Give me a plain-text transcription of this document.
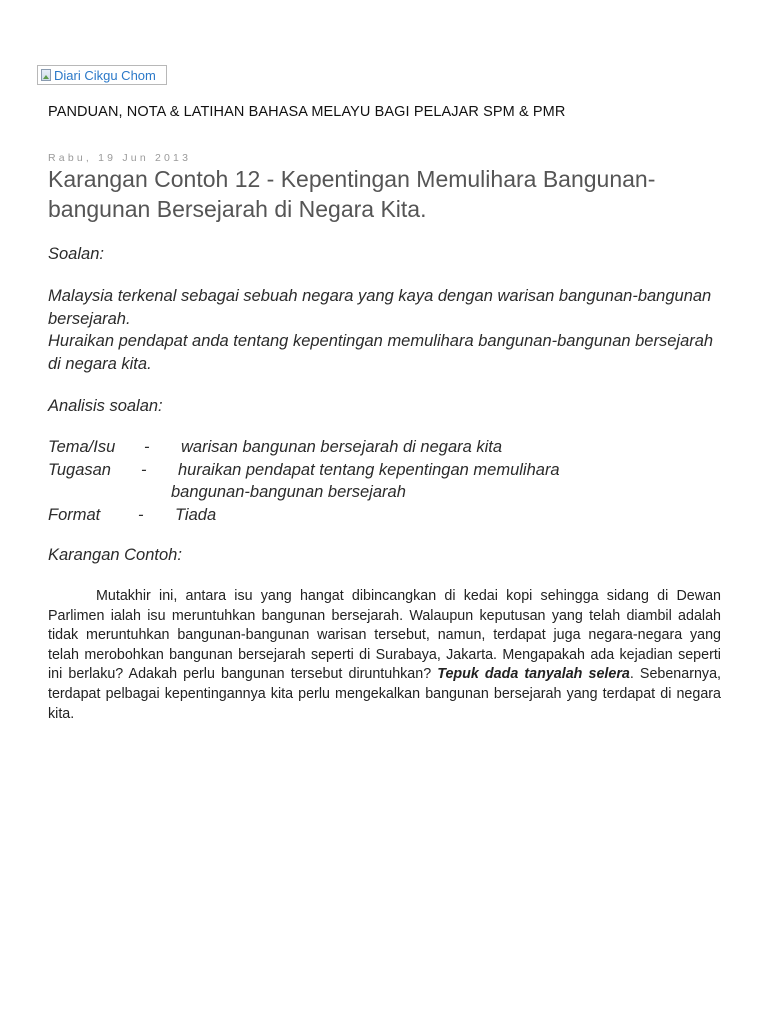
Diari Cikgu Chom
PANDUAN, NOTA & LATIHAN BAHASA MELAYU BAGI PELAJAR SPM & PMR
Rabu, 19 Jun 2013
Karangan Contoh 12 - Kepentingan Memulihara Bangunan-bangunan Bersejarah di Negara Kita.
Soalan:
Malaysia terkenal sebagai sebuah negara yang kaya dengan warisan bangunan-bangunan bersejarah.
Huraikan pendapat anda tentang kepentingan memulihara bangunan-bangunan bersejarah di negara kita.
Analisis soalan:
Tema/Isu - warisan bangunan bersejarah di negara kita
Tugasan - huraikan pendapat tentang kepentingan memulihara
bangunan-bangunan bersejarah
Format - Tiada
Karangan Contoh:

Mutakhir ini, antara isu yang hangat dibincangkan di kedai kopi sehingga sidang di Dewan Parlimen ialah isu meruntuhkan bangunan bersejarah. Walaupun keputusan yang telah diambil adalah tidak meruntuhkan bangunan-bangunan warisan tersebut, namun, terdapat juga negara-negara yang telah merobohkan bangunan bersejarah seperti di Surabaya, Jakarta. Mengapakah ada kejadian seperti ini berlaku? Adakah perlu bangunan tersebut diruntuhkan? Tepuk dada tanyalah selera. Sebenarnya, terdapat pelbagai kepentingannya kita perlu mengekalkan bangunan bersejarah yang terdapat di negara kita.
